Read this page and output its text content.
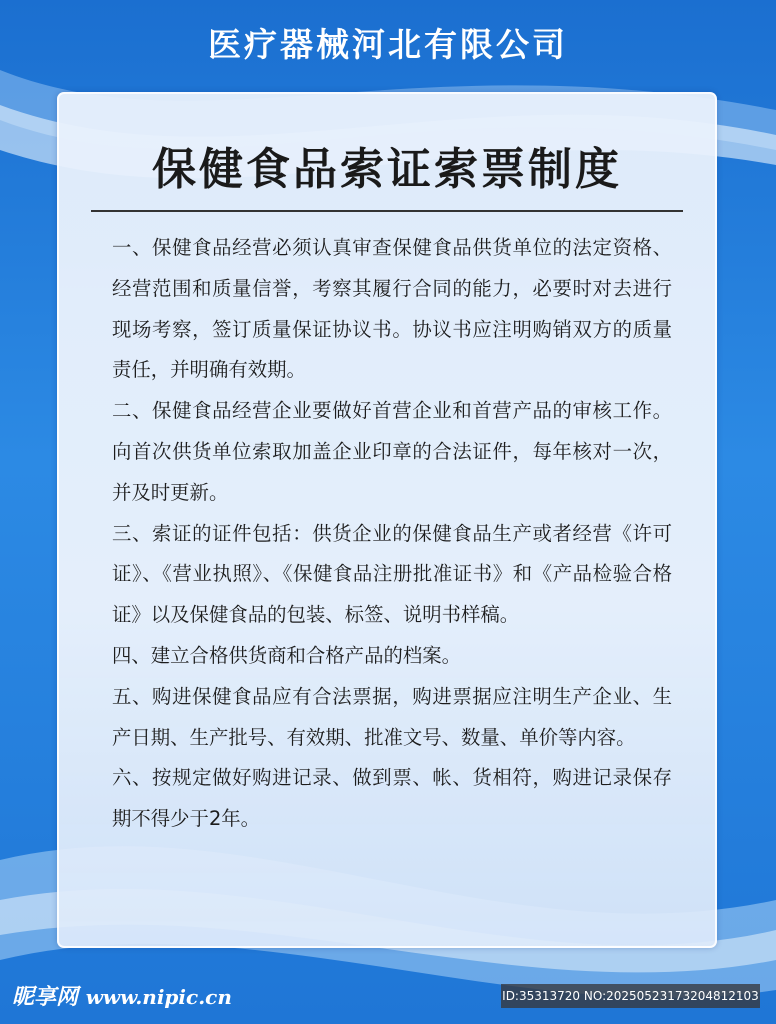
医疗器械河北有限公司
保健食品索证索票制度
一、保健食品经营必须认真审查保健食品供货单位的法定资格、经营范围和质量信誉，考察其履行合同的能力，必要时对去进行现场考察，签订质量保证协议书。协议书应注明购销双方的质量责任，并明确有效期。
二、保健食品经营企业要做好首营企业和首营产品的审核工作。向首次供货单位索取加盖企业印章的合法证件，每年核对一次，并及时更新。
三、索证的证件包括：供货企业的保健食品生产或者经营《许可证》、《营业执照》、《保健食品注册批准证书》和《产品检验合格证》以及保健食品的包装、标签、说明书样稿。
四、建立合格供货商和合格产品的档案。
五、购进保健食品应有合法票据，购进票据应注明生产企业、生产日期、生产批号、有效期、批准文号、数量、单价等内容。
六、按规定做好购进记录、做到票、帐、货相符，购进记录保存期不得少于2年。
昵享网 www.nipic.cn	ID:35313720 NO:20250523173204812103
